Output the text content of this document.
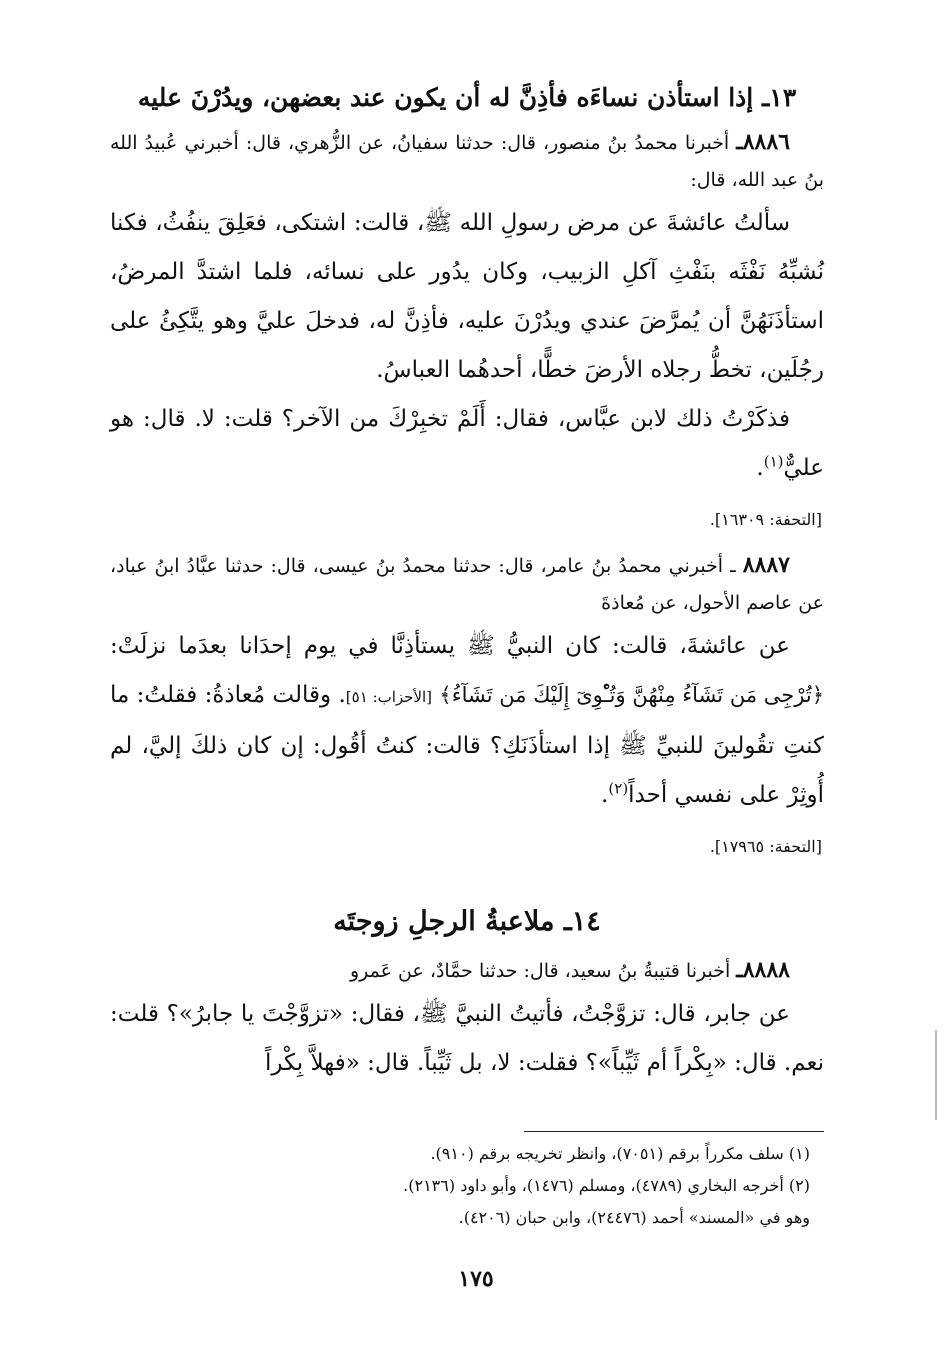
١٣ـ إذا استأذن نساءَه فأذِنَّ له أن يكون عند بعضهن، ويدُرْنَ عليه

٨٨٨٦ـ أخبرنا محمدُ بنُ منصور، قال: حدثنا سفيانُ، عن الزُّهري، قال: أخبرني عُبيدُ الله بنُ عبد الله، قال:

سألتُ عائشةَ عن مرض رسولِ الله ﷺ، قالت: اشتكى، فعَلِقَ ينفُثُ، فكنا نُشبِّهُ نَفْثَه بنَفْثِ آكلِ الزبيب، وكان يدُور على نسائه، فلما اشتدَّ المرضُ، استأذَنَهُنَّ أن يُمرَّضَ عندي ويدُرْنَ عليه، فأذِنَّ له، فدخلَ عليَّ وهو يتَّكِئُ على رجُلَين، تخطُّ رجلاه الأرضَ خطًّا، أحدهُما العباسُ.

فذكَرْتُ ذلك لابن عبَّاس، فقال: أَلَمْ تخبِرْكَ من الآخر؟ قلت: لا. قال: هو عليٌّ$^{(١)}$.

[التحفة: ١٦٣٠٩].

٨٨٨٧ ـ أخبرني محمدُ بنُ عامر، قال: حدثنا محمدُ بنُ عيسى، قال: حدثنا عبَّادُ ابنُ عباد، عن عاصم الأحول، عن مُعاذةَ

عن عائشةَ، قالت: كان النبيُّ ﷺ يستأذِنَّا في يوم إحدَانا بعدَما نزلَتْ: ﴿تُرْجِى مَن تَشَآءُ مِنْهُنَّ وَتُـْٔوِىٓ إِلَيْكَ مَن تَشَآءُ﴾ [الأحزاب: ٥١]. وقالت مُعاذةُ: فقلتُ: ما كنتِ تقُولينَ للنبيِّ ﷺ إذا استأذَنَكِ؟ قالت: كنتُ أقُول: إن كان ذلكَ إليَّ، لم أُوثِرْ على نفسي أحداً$^{(٢)}$.

[التحفة: ١٧٩٦٥].

١٤ـ ملاعبةُ الرجلِ زوجتَه

٨٨٨٨ـ أخبرنا قتيبةُ بنُ سعيد، قال: حدثنا حمَّادٌ، عن عَمرو

عن جابر، قال: تزوَّجْتُ، فأتيتُ النبيَّ ﷺ، فقال: «تزوَّجْتَ يا جابرُ»؟ قلت: نعم. قال: «بِكْراً أم ثَيِّباً»؟ فقلت: لا، بل ثَيِّباً. قال: «فهلاَّ بِكْراً

(١) سلف مكرراً برقم (٧٠٥١)، وانظر تخريجه برقم (٩١٠).

(٢) أخرجه البخاري (٤٧٨٩)، ومسلم (١٤٧٦)، وأبو داود (٢١٣٦).

وهو في «المسند» أحمد (٢٤٤٧٦)، وابن حبان (٤٢٠٦).

١٧٥
